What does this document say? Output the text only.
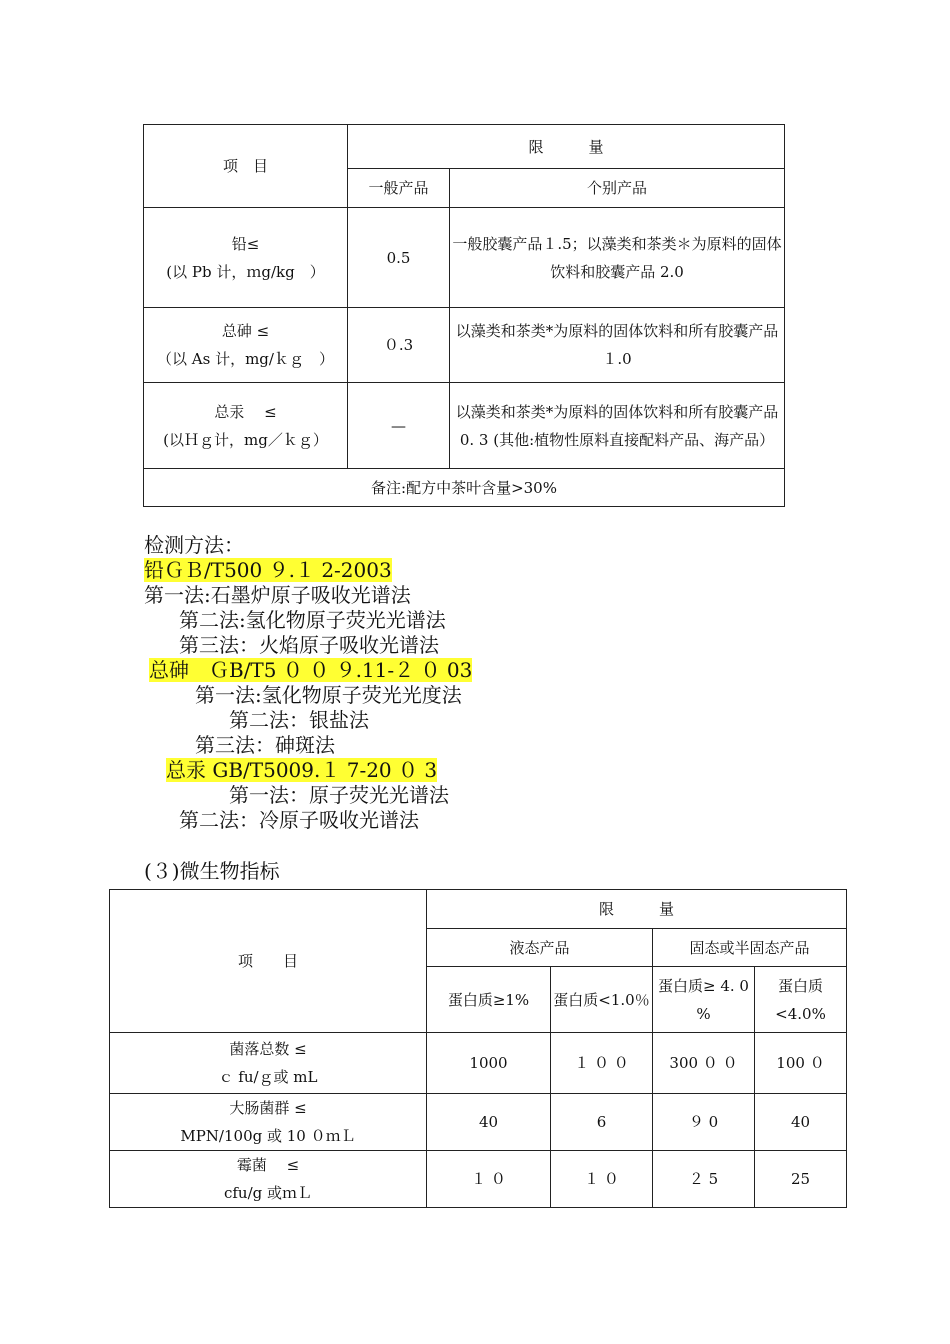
项　目	限　　　量	
	一般产品	个别产品

铅≤
(以 Pb 计，ｍg/kg　）	0.5	一般胶囊产品１.5；以藻类和茶类＊为原料的固体饮料和胶囊产品 2.0

总砷 ≤
（以 As 计，mg/ｋｇ　）	０.3	以藻类和茶类*为原料的固体饮料和所有胶囊产品１.0

总汞　 ≤
(以Ｈｇ计，mg／ｋｇ）	—	以藻类和茶类*为原料的固体饮料和所有胶囊产品 0. 3 (其他:植物性原料直接配料产品、海产品）
备注:配方中茶叶含量>30%		
检测方法：
铅ＧＢ/T500 ９.１ 2-2003
第一法:石墨炉原子吸收光谱法
第二法:氢化物原子荧光光谱法
第三法：火焰原子吸收光谱法
总砷　ＧB/T5 ０ ０ ９.11-２ ０ 03
第一法:氢化物原子荧光光度法
第二法：银盐法
第三法：砷斑法
总汞 GB/T5009.１ 7-20 ０ 3
第一法：原子荧光光谱法
第二法：冷原子吸收光谱法
(３)微生物指标
项　　目	限　　　量			
	液态产品		固态或半固态产品	
	蛋白质≥1%	蛋白质<1.0％	蛋白质≥ 4. 0 %	蛋白质<4.0%

菌落总数 ≤
ｃ fu/ｇ或 mL	1000	１ ０ ０	300 ０ ０	100 ０

大肠菌群 ≤
MPN/100g 或 10 ０ｍＬ	40	6	９ 0	40

霉菌　 ≤
cfu/g 或ｍＬ	１ ０	１ ０	２ 5	25
